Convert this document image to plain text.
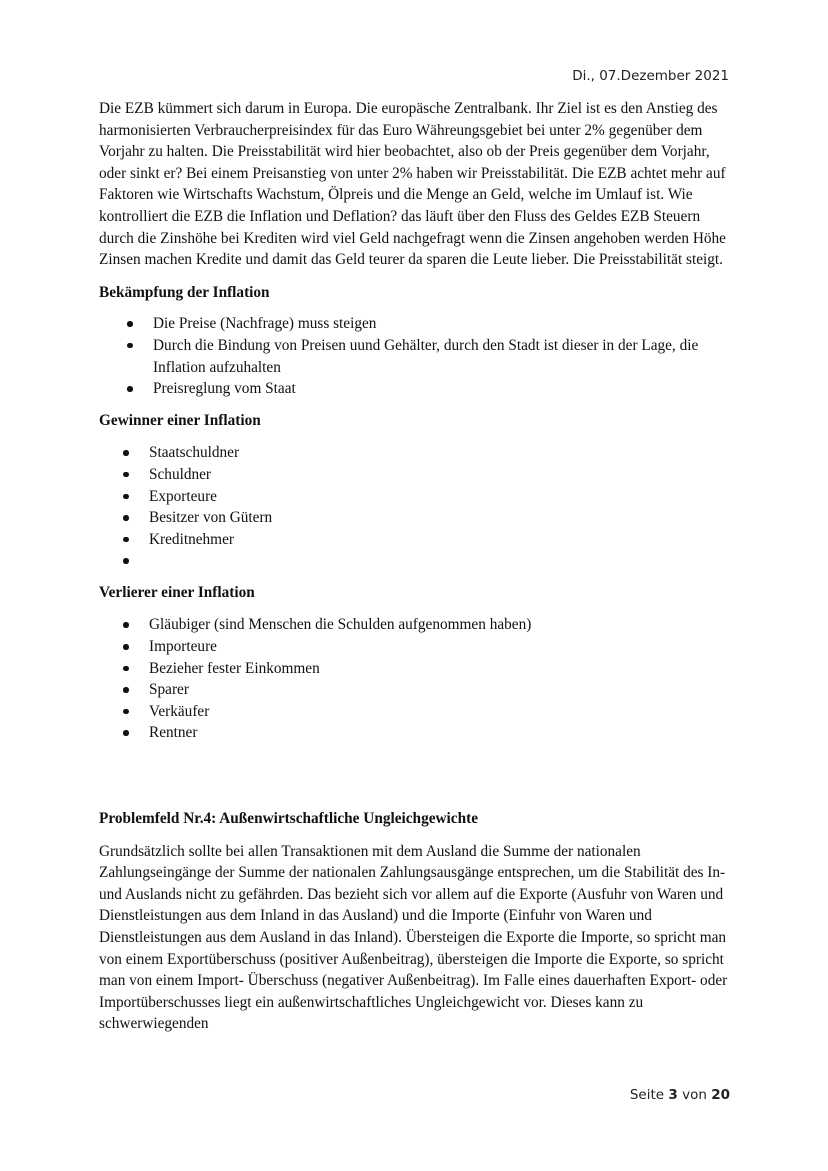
Di., 07.Dezember 2021

Die EZB kümmert sich darum in Europa. Die europäsche Zentralbank. Ihr Ziel ist es den Anstieg des harmonisierten Verbraucherpreisindex für das Euro Währeungsgebiet bei unter 2% gegenüber dem Vorjahr zu halten. Die Preisstabilität wird hier beobachtet, also ob der Preis gegenüber dem Vorjahr, oder sinkt er? Bei einem Preisanstieg von unter 2% haben wir Preisstabilität. Die EZB achtet mehr auf Faktoren wie Wirtschafts Wachstum, Ölpreis und die Menge an Geld, welche im Umlauf ist. Wie kontrolliert die EZB die Inflation und Deflation? das läuft über den Fluss des Geldes EZB Steuern durch die Zinshöhe bei Krediten wird viel Geld nachgefragt wenn die Zinsen angehoben werden Höhe Zinsen machen Kredite und damit das Geld teurer da sparen die Leute lieber. Die Preisstabilität steigt.

Bekämpfung der Inflation
Die Preise (Nachfrage) muss steigen
Durch die Bindung von Preisen uund Gehälter, durch den Stadt ist dieser in der Lage, die Inflation aufzuhalten
Preisreglung vom Staat
Gewinner einer Inflation
Staatschuldner
Schuldner
Exporteure
Besitzer von Gütern
Kreditnehmer
Verlierer einer Inflation
Gläubiger (sind Menschen die Schulden aufgenommen haben)
Importeure
Bezieher fester Einkommen
Sparer
Verkäufer
Rentner
Problemfeld Nr.4: Außenwirtschaftliche Ungleichgewichte

Grundsätzlich sollte bei allen Transaktionen mit dem Ausland die Summe der nationalen Zahlungseingänge der Summe der nationalen Zahlungsausgänge entsprechen, um die Stabilität des In- und Auslands nicht zu gefährden. Das bezieht sich vor allem auf die Exporte (Ausfuhr von Waren und Dienstleistungen aus dem Inland in das Ausland) und die Importe (Einfuhr von Waren und Dienstleistungen aus dem Ausland in das Inland). Übersteigen die Exporte die Importe, so spricht man von einem Exportüberschuss (positiver Außenbeitrag), übersteigen die Importe die Exporte, so spricht man von einem Import- Überschuss (negativer Außenbeitrag). Im Falle eines dauerhaften Export- oder Importüberschusses liegt ein außenwirtschaftliches Ungleichgewicht vor. Dieses kann zu schwerwiegenden

Seite 3 von 20
